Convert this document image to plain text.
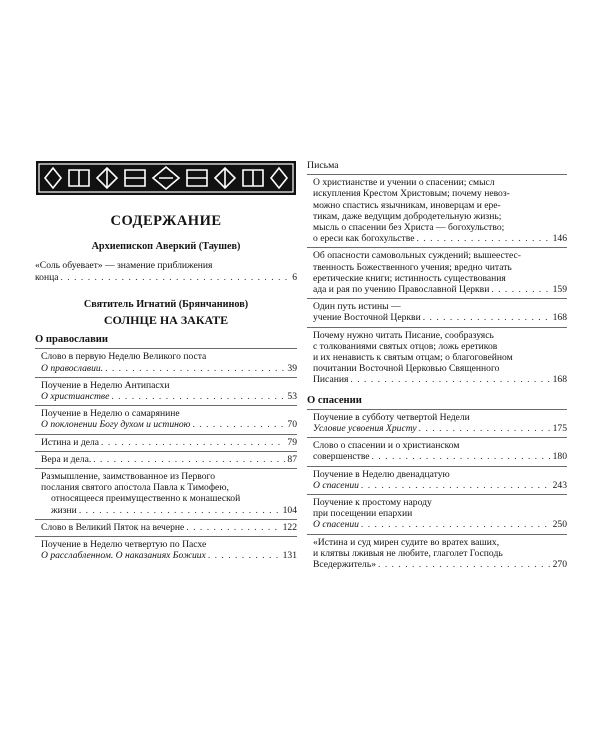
СОДЕРЖАНИЕ
Архиепископ Аверкий (Таушев)
«Соль обуевает» — знамение приближения
конца . . .	6
Святитель Игнатий (Брянчанинов)
СОЛНЦЕ НА ЗАКАТЕ
О православии
Слово в первую Неделю Великого поста
О православии. . . .	39
Поучение в Неделю Антипасхи
О христианстве . . .	53
Поучение в Неделю о самарянине
О поклонении Богу духом и истиною . . .	70
Истина и дела . . .	79
Вера и дела. . . .	87
Размышление, заимствованное из Первого
послания святого апостола Павла к Тимофею,
относящееся преимущественно к монашеской
жизни . . .	104
Слово в Великий Пяток на вечерне . . .	122
Поучение в Неделю четвертую по Пасхе
О расслабленном. О наказаниях Божиих . . .	131
Письма
О христианстве и учении о спасении; смысл
искупления Крестом Христовым; почему невоз-
можно спастись язычникам, иноверцам и ере-
тикам, даже ведущим добродетельную жизнь;
мысль о спасении без Христа — богохульство;
о ереси как богохульстве . . .	146
Об опасности самовольных суждений; вышеестес-
твенность Божественного учения; вредно читать
еретические книги; истинность существования
ада и рая по учению Православной Церкви . . .	159
Один путь истины —
учение Восточной Церкви . . .	168
Почему нужно читать Писание, сообразуясь
с толкованиями святых отцов; ложь еретиков
и их ненависть к святым отцам; о благоговейном
почитании Восточной Церковью Священного
Писания . . .	168
О спасении
Поучение в субботу четвертой Недели
Условие усвоения Христу . . .	175
Слово о спасении и о христианском
совершенстве . . .	180
Поучение в Неделю двенадцатую
О спасении . . .	243
Поучение к простому народу
при посещении епархии
О спасении . . .	250
«Истина и суд мирен судите во вратех ваших,
и клятвы лживыя не любите, глаголет Господь
Вседержитель» . . .	270
